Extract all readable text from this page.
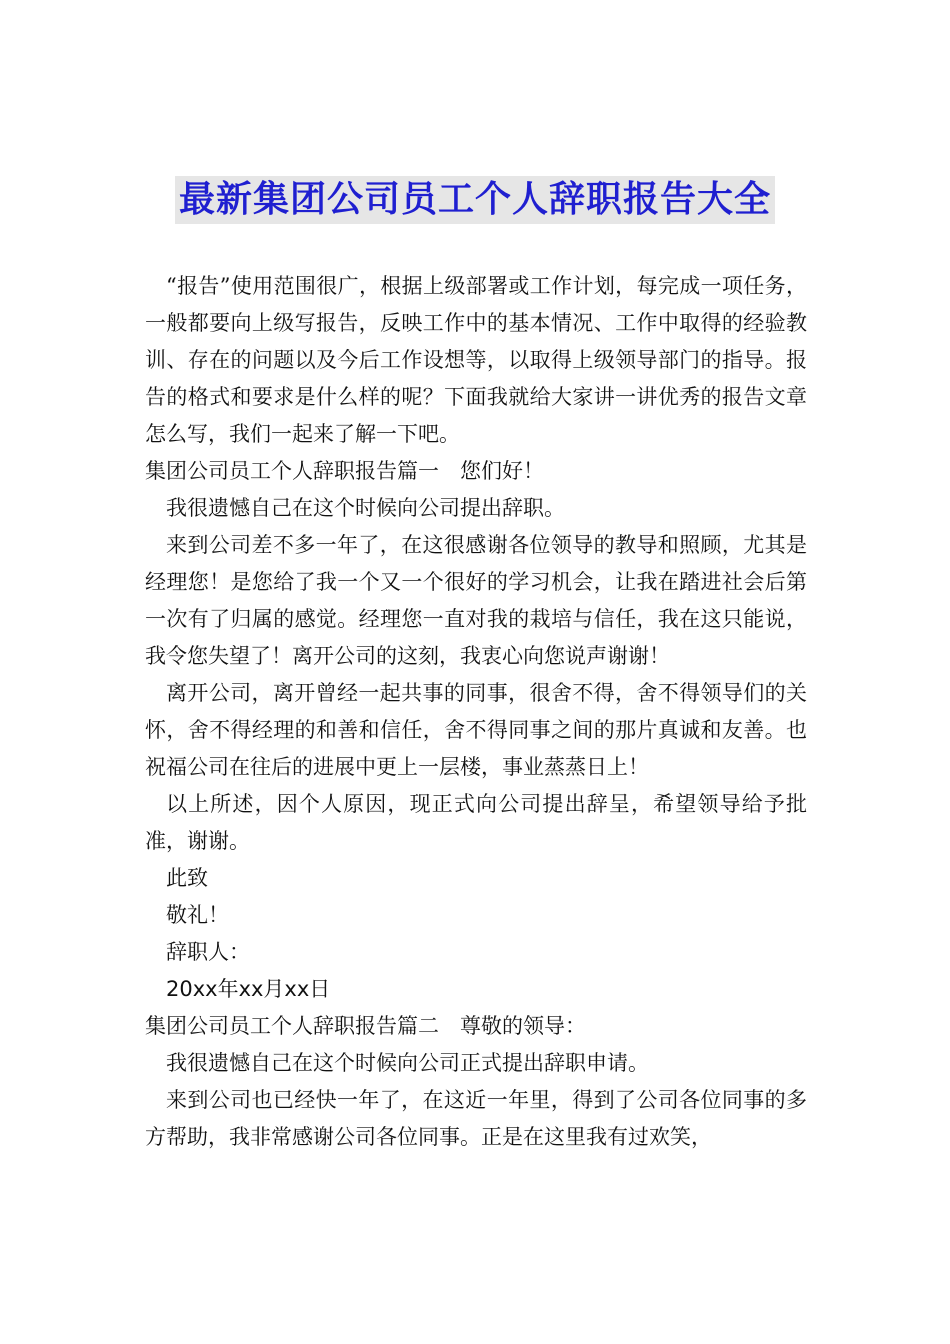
最新集团公司员工个人辞职报告大全

“报告”使用范围很广，根据上级部署或工作计划，每完成一项任务，一般都要向上级写报告，反映工作中的基本情况、工作中取得的经验教训、存在的问题以及今后工作设想等，以取得上级领导部门的指导。报告的格式和要求是什么样的呢？下面我就给大家讲一讲优秀的报告文章怎么写，我们一起来了解一下吧。

集团公司员工个人辞职报告篇一　您们好！

我很遗憾自己在这个时候向公司提出辞职。

来到公司差不多一年了，在这很感谢各位领导的教导和照顾，尤其是经理您！是您给了我一个又一个很好的学习机会，让我在踏进社会后第一次有了归属的感觉。经理您一直对我的栽培与信任，我在这只能说，我令您失望了！离开公司的这刻，我衷心向您说声谢谢！

离开公司，离开曾经一起共事的同事，很舍不得，舍不得领导们的关怀，舍不得经理的和善和信任，舍不得同事之间的那片真诚和友善。也祝福公司在往后的进展中更上一层楼，事业蒸蒸日上！

以上所述，因个人原因，现正式向公司提出辞呈，希望领导给予批准，谢谢。

此致

敬礼！

辞职人：

20xx年xx月xx日

集团公司员工个人辞职报告篇二　尊敬的领导：

我很遗憾自己在这个时候向公司正式提出辞职申请。

来到公司也已经快一年了，在这近一年里，得到了公司各位同事的多方帮助，我非常感谢公司各位同事。正是在这里我有过欢笑，
